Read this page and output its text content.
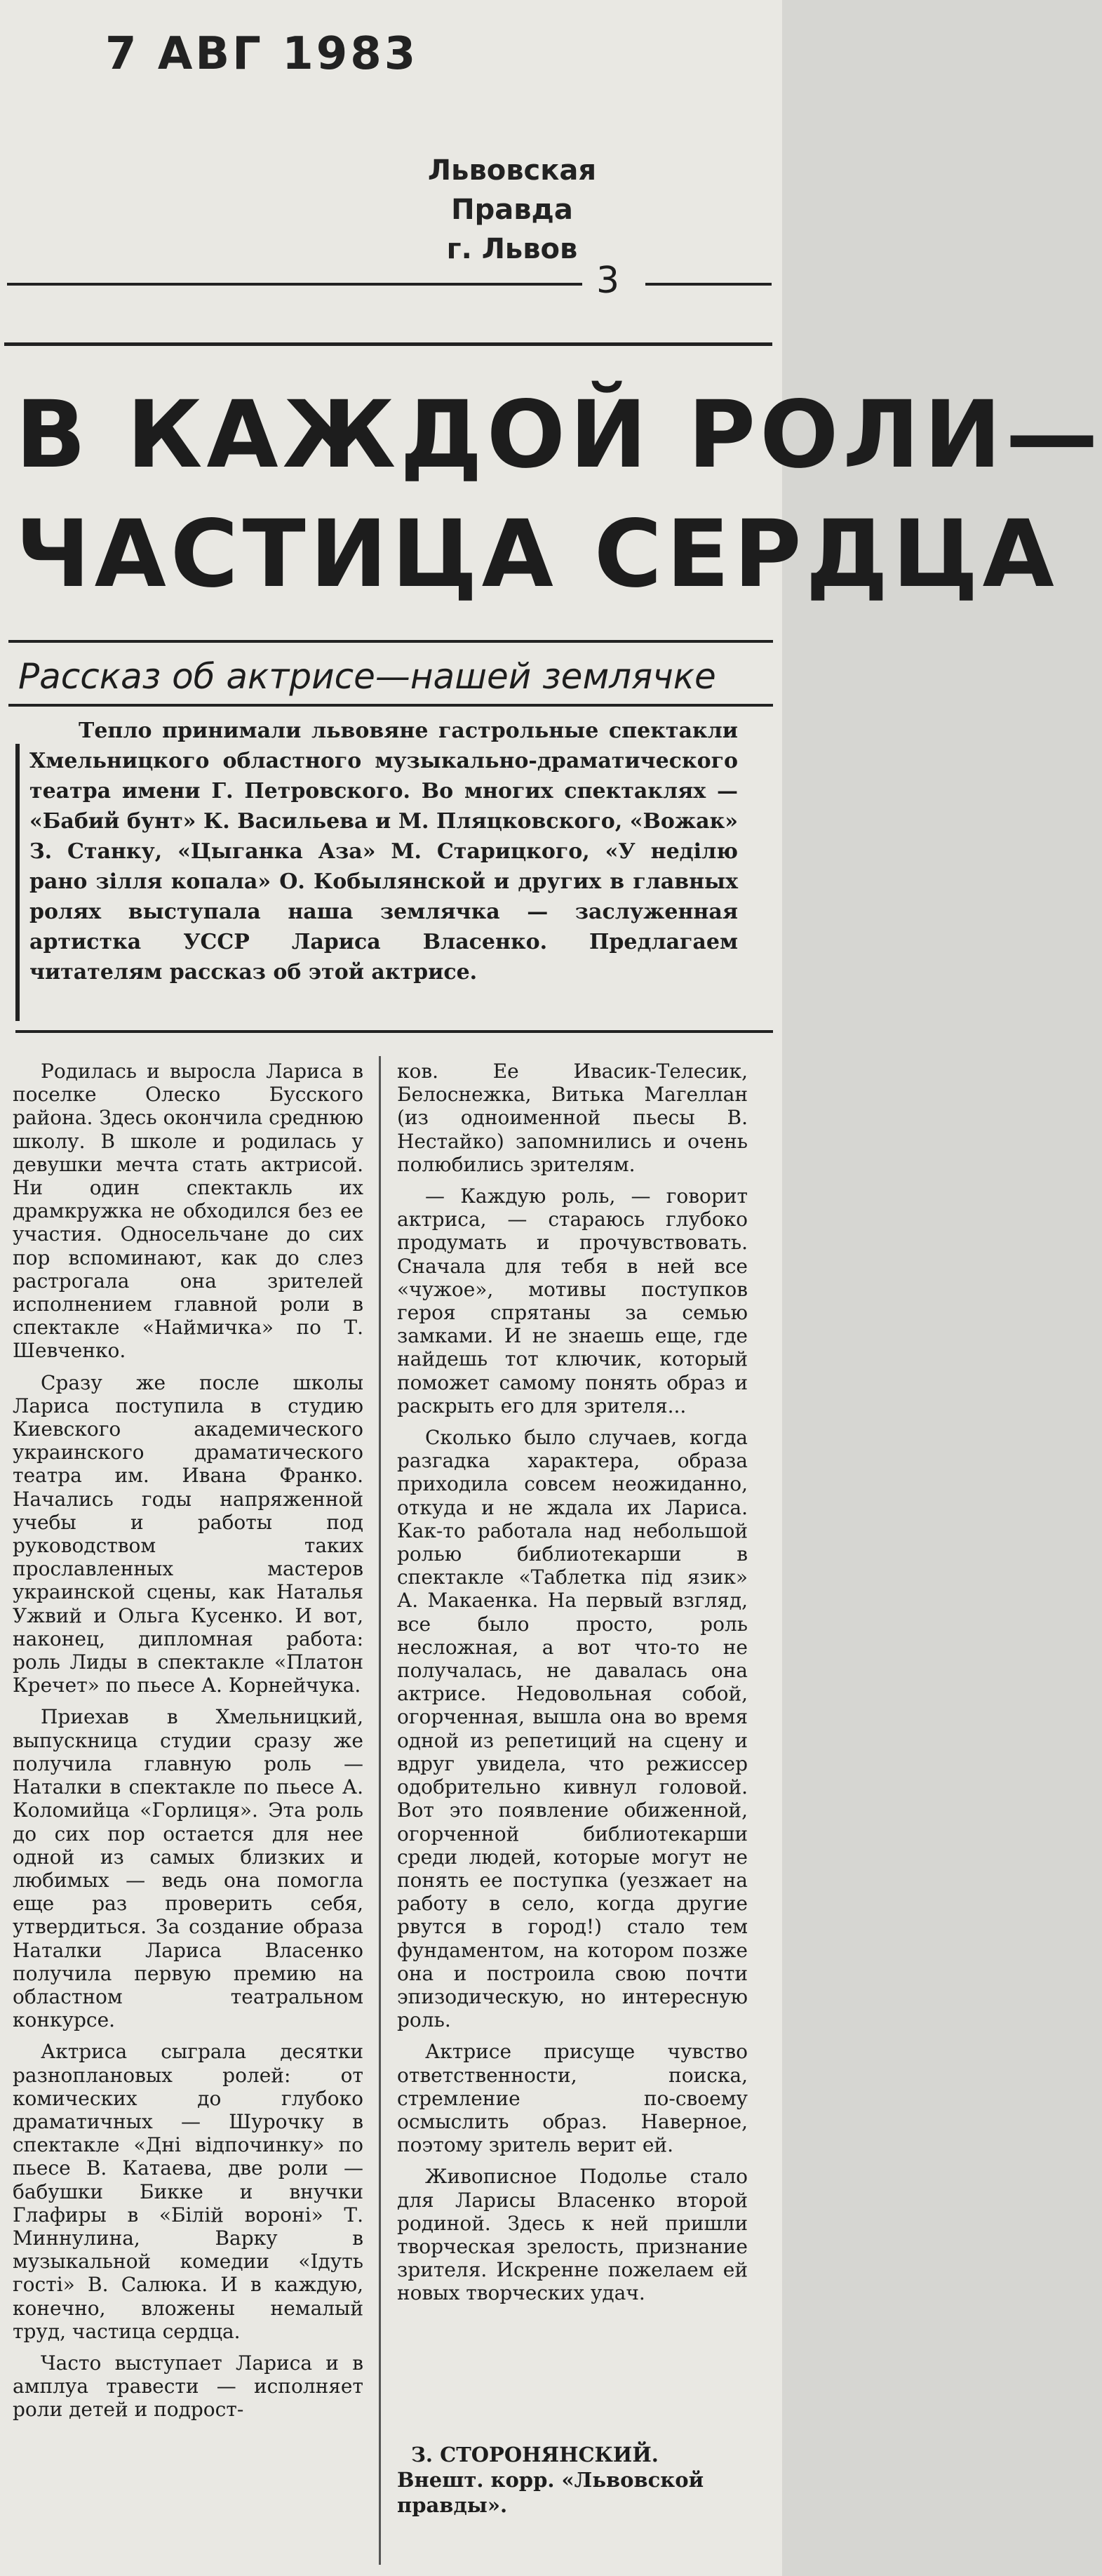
7 АВГ 1983
Львовская Правда
г. Львов
3
В КАЖДОЙ РОЛИ—
ЧАСТИЦА СЕРДЦА
Рассказ об актрисе—нашей землячке
Тепло принимали львовяне гастрольные спектакли Хмельницкого областного музыкально-драматического театра имени Г. Петровского. Во многих спектаклях — «Бабий бунт» К. Васильева и М. Пляцковского, «Вожак» З. Станку, «Цыганка Аза» М. Старицкого, «У неділю рано зілля копала» О. Кобылянской и других в главных ролях выступала наша землячка — заслуженная артистка УССР Лариса Власенко. Предлагаем читателям рассказ об этой актрисе.

Родилась и выросла Лариса в поселке Олеско Бусского района. Здесь окончила среднюю школу. В школе и родилась у девушки мечта стать актрисой. Ни один спектакль их драмкружка не обходился без ее участия. Односельчане до сих пор вспоминают, как до слез растрогала она зрителей исполнением главной роли в спектакле «Наймичка» по Т. Шевченко.

Сразу же после школы Лариса поступила в студию Киевского академического украинского драматического театра им. Ивана Франко. Начались годы напряженной учебы и работы под руководством таких прославленных мастеров украинской сцены, как Наталья Ужвий и Ольга Кусенко. И вот, наконец, дипломная работа: роль Лиды в спектакле «Платон Кречет» по пьесе А. Корнейчука.

Приехав в Хмельницкий, выпускница студии сразу же получила главную роль — Наталки в спектакле по пьесе А. Коломийца «Горлиця». Эта роль до сих пор остается для нее одной из самых близких и любимых — ведь она помогла еще раз проверить себя, утвердиться. За создание образа Наталки Лариса Власенко получила первую премию на областном театральном конкурсе.

Актриса сыграла десятки разноплановых ролей: от комических до глубоко драматичных — Шурочку в спектакле «Дні відпочинку» по пьесе В. Катаева, две роли — бабушки Бикке и внучки Глафиры в «Білій вороні» Т. Миннулина, Варку в музыкальной комедии «Ідуть гості» В. Салюка. И в каждую, конечно, вложены немалый труд, частица сердца.

Часто выступает Лариса и в амплуа травести — исполняет роли детей и подрост-

ков. Ее Ивасик-Телесик, Белоснежка, Витька Магеллан (из одноименной пьесы В. Нестайко) запомнились и очень полюбились зрителям.

— Каждую роль, — говорит актриса, — стараюсь глубоко продумать и прочувствовать. Сначала для тебя в ней все «чужое», мотивы поступков героя спрятаны за семью замками. И не знаешь еще, где найдешь тот ключик, который поможет самому понять образ и раскрыть его для зрителя...

Сколько было случаев, когда разгадка характера, образа приходила совсем неожиданно, откуда и не ждала их Лариса. Как-то работала над небольшой ролью библиотекарши в спектакле «Таблетка під язик» А. Макаенка. На первый взгляд, все было просто, роль несложная, а вот что-то не получалась, не давалась она актрисе. Недовольная собой, огорченная, вышла она во время одной из репетиций на сцену и вдруг увидела, что режиссер одобрительно кивнул головой. Вот это появление обиженной, огорченной библиотекарши среди людей, которые могут не понять ее поступка (уезжает на работу в село, когда другие рвутся в город!) стало тем фундаментом, на котором позже она и построила свою почти эпизодическую, но интересную роль.

Актрисе присуще чувство ответственности, поиска, стремление по-своему осмыслить образ. Наверное, поэтому зритель верит ей.

Живописное Подолье стало для Ларисы Власенко второй родиной. Здесь к ней пришли творческая зрелость, признание зрителя. Искренне пожелаем ей новых творческих удач.

З. СТОРОНЯНСКИЙ.
Внешт. корр. «Львовской правды».
